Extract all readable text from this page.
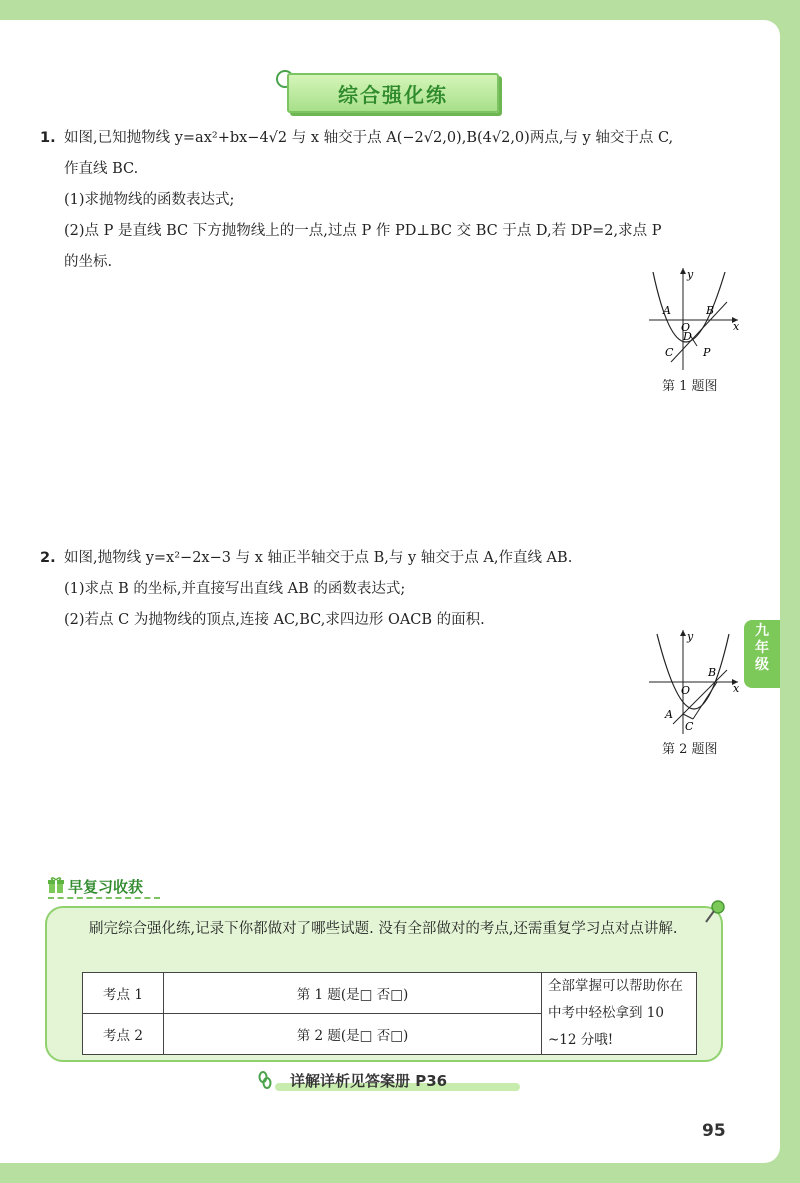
综合强化练
1. 如图,已知抛物线 y=ax²+bx−4√2 与 x 轴交于点 A(−2√2,0),B(4√2,0)两点,与 y 轴交于点 C,
作直线 BC.
(1)求抛物线的函数表达式;
(2)点 P 是直线 BC 下方抛物线上的一点,过点 P 作 PD⊥BC 交 BC 于点 D,若 DP=2,求点 P
的坐标.
y
x
A	B
O
D
C	P
第 1 题图
2. 如图,抛物线 y=x²−2x−3 与 x 轴正半轴交于点 B,与 y 轴交于点 A,作直线 AB.
(1)求点 B 的坐标,并直接写出直线 AB 的函数表达式;
(2)若点 C 为抛物线的顶点,连接 AC,BC,求四边形 OACB 的面积.
y
x
B
O
A
C
第 2 题图
九
年
级
早复习收获
刷完综合强化练,记录下你都做对了哪些试题. 没有全部做对的考点,还需重复学习点对点讲解.
考点 1	第 1 题(是□ 否□)	全部掌握可以帮助你在中考中轻松拿到 10 ~12 分哦!
考点 2	第 2 题(是□ 否□)	
详解详析见答案册 P36
95
